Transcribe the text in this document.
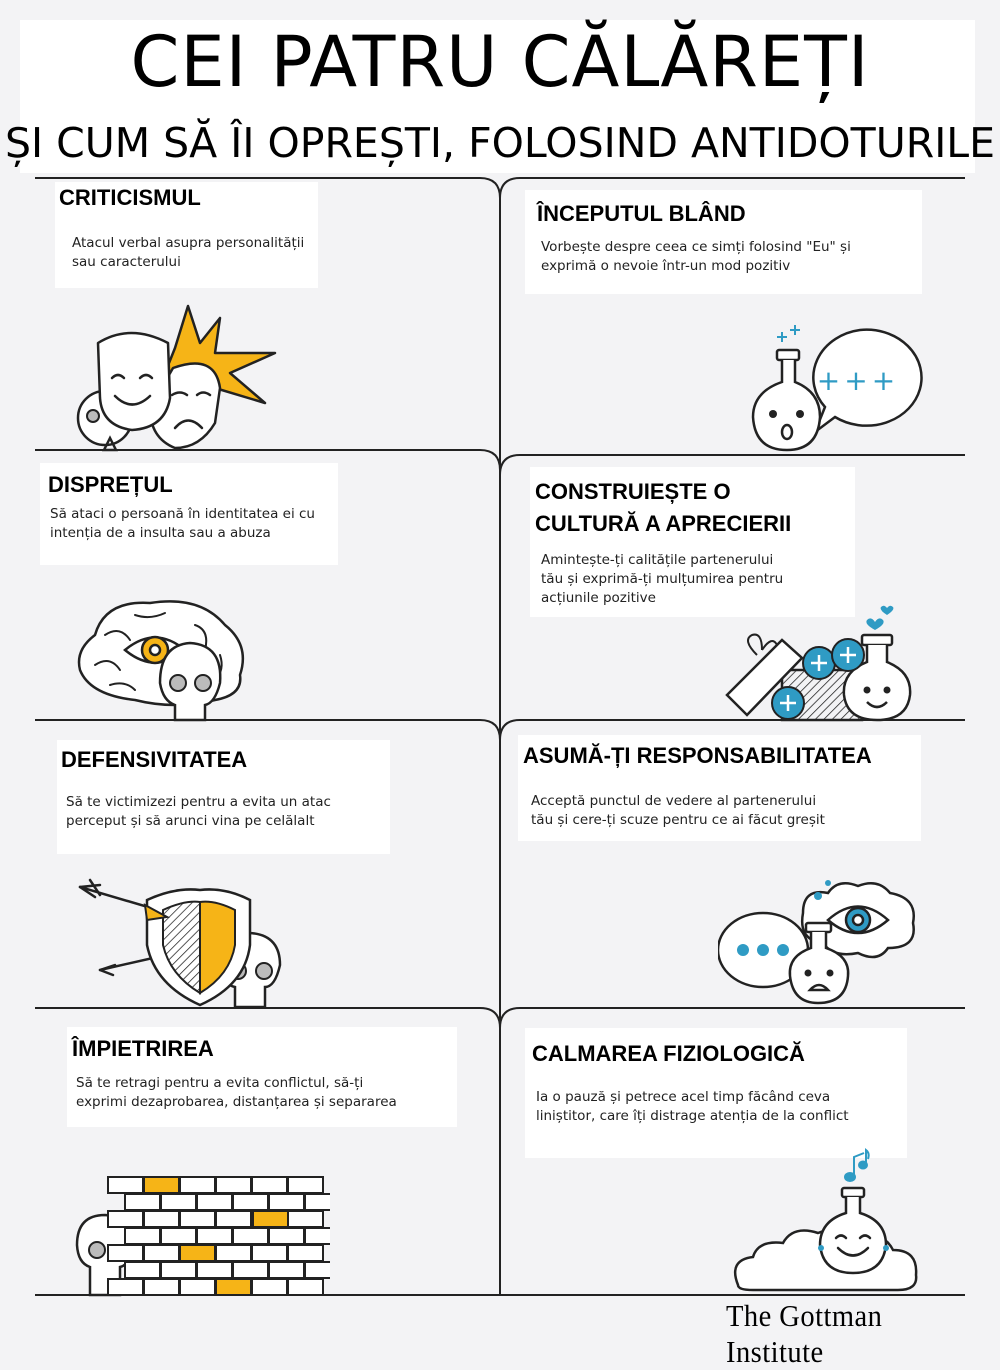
CEI PATRU CĂLĂREȚI
ȘI CUM SĂ ÎI OPREȘTI, FOLOSIND ANTIDOTURILE
CRITICISMUL
Atacul verbal asupra personalității sau caracterului
DISPREȚUL
Să ataci o persoană în identitatea ei cu intenția de a insulta sau a abuza
DEFENSIVITATEA
Să te victimizezi pentru a evita un atac perceput și să arunci vina pe celălalt
ÎMPIETRIREA
Să te retragi pentru a evita conflictul, să-ți exprimi dezaprobarea, distanțarea și separarea
ÎNCEPUTUL BLÂND
Vorbește despre ceea ce simți folosind "Eu" și exprimă o nevoie într-un mod pozitiv
CONSTRUIEȘTE O
CULTURĂ A APRECIERII
Amintește-ți calitățile partenerului tău și exprimă-ți mulțumirea pentru acțiunile pozitive
ASUMĂ-ȚI RESPONSABILITATEA
Acceptă punctul de vedere al partenerului tău și cere-ți scuze pentru ce ai făcut greșit
CALMAREA FIZIOLOGICĂ
Ia o pauză și petrece acel timp făcând ceva liniștitor, care îți distrage atenția de la conflict
+++
The Gottman Institute
